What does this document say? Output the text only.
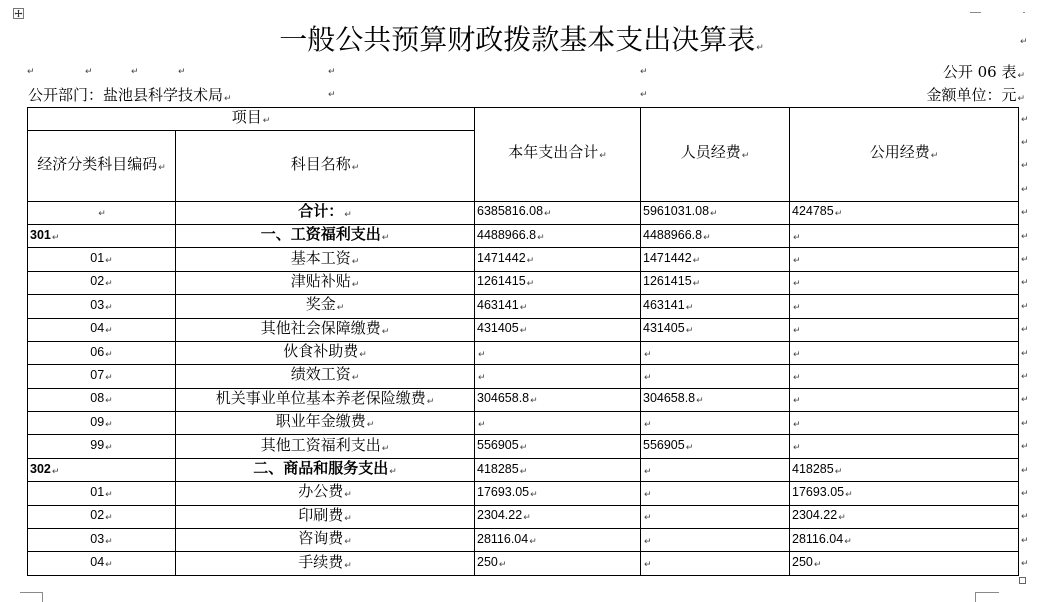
一般公共预算财政拨款基本支出决算表 ↵
↵
↵
↵
↵
↵
↵
↵
公开 06 表 ↵
公开部门：盐池县科学技术局 ↵ ↵ ↵	金额单位：元 ↵
项目 ↵		本年支出合计 ↵	人员经费 ↵	公用经费 ↵	↵
经济分类科目编码 ↵	科目名称 ↵	↵
↵
↵
↵	合计： ↵	6385816.08 ↵	5961031.08 ↵	424785 ↵	↵
301 ↵	一、工资福利支出 ↵	4488966.8 ↵	4488966.8 ↵	↵	↵
01 ↵	基本工资 ↵	1471442 ↵	1471442 ↵	↵	↵
02 ↵	津贴补贴 ↵	1261415 ↵	1261415 ↵	↵	↵
03 ↵	奖金 ↵	463141 ↵	463141 ↵	↵	↵
04 ↵	其他社会保障缴费 ↵	431405 ↵	431405 ↵	↵	↵
06 ↵	伙食补助费 ↵	↵	↵	↵	↵
07 ↵	绩效工资 ↵	↵	↵	↵	↵
08 ↵	机关事业单位基本养老保险缴费 ↵	304658.8 ↵	304658.8 ↵	↵	↵
09 ↵	职业年金缴费 ↵	↵	↵	↵	↵
99 ↵	其他工资福利支出 ↵	556905 ↵	556905 ↵	↵	↵
302 ↵	二、商品和服务支出 ↵	418285 ↵	↵	418285 ↵	↵
01 ↵	办公费 ↵	17693.05 ↵	↵	17693.05 ↵	↵
02 ↵	印刷费 ↵	2304.22 ↵	↵	2304.22 ↵	↵
03 ↵	咨询费 ↵	28116.04 ↵	↵	28116.04 ↵	↵
04 ↵	手续费 ↵	250 ↵	↵	250 ↵	↵
